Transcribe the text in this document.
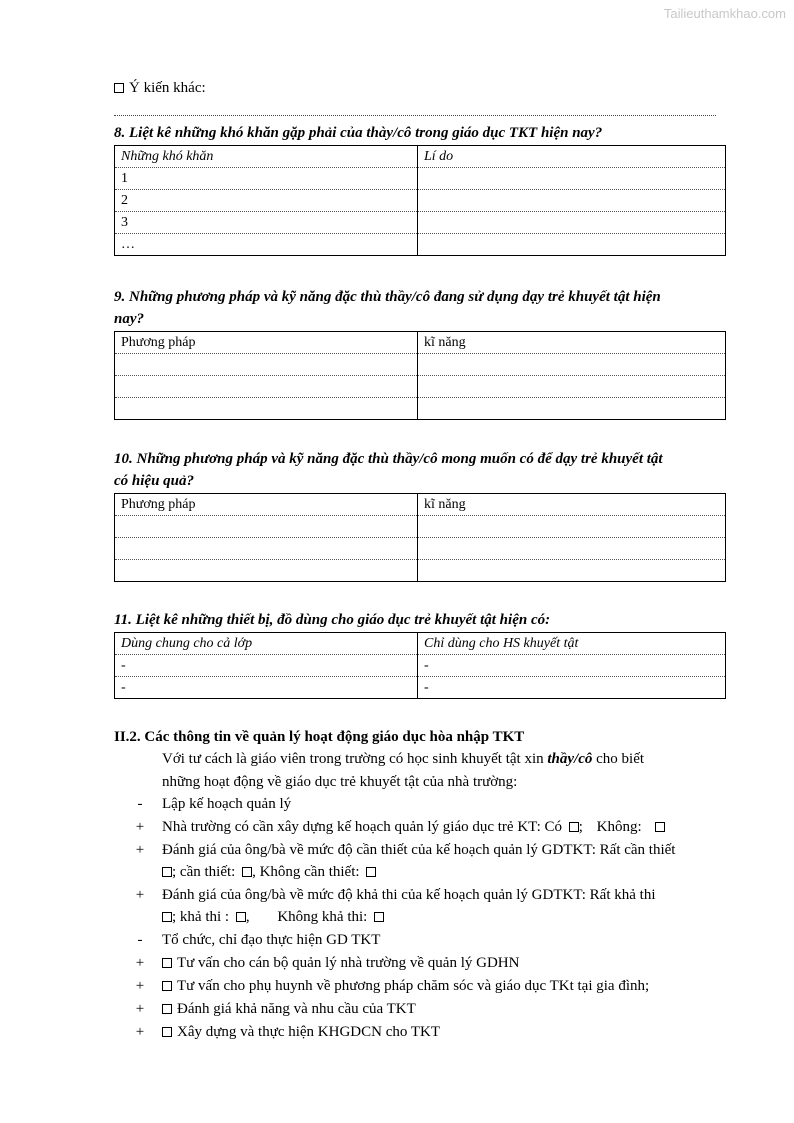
Tailieuthamkhao.com
Ý kiến khác:
8. Liệt kê những khó khăn gặp phải của thày/cô trong giáo dục TKT hiện nay?
Những khó khăn	Lí do
1	
2	
3	
…	
9. Những phương pháp và kỹ năng đặc thù thầy/cô đang sử dụng dạy trẻ khuyết tật hiện
nay?
Phương pháp	kĩ năng

10. Những phương pháp và kỹ năng đặc thù thầy/cô mong muốn có để dạy trẻ khuyết tật
có hiệu quả?
Phương pháp	kĩ năng

11. Liệt kê những thiết bị, đồ dùng cho giáo dục trẻ khuyết tật hiện có:
Dùng chung cho cả lớp	Chỉ dùng cho HS khuyết tật
-	-
-	-
II.2. Các thông tin về quản lý hoạt động giáo dục hòa nhập TKT
Với tư cách là giáo viên trong trường có học sinh khuyết tật xin thầy/cô cho biết
những hoạt động về giáo dục trẻ khuyết tật của nhà trường:
-	Lập kế hoạch quản lý
+	Nhà trường có cần xây dựng kế hoạch quản lý giáo dục trẻ KT: Có ; Không:
+	Đánh giá của ông/bà về mức độ cần thiết của kế hoạch quản lý GDTKT: Rất cần thiết
; cần thiết: , Không cần thiết:
+	Đánh giá của ông/bà về mức độ khả thi của kế hoạch quản lý GDTKT: Rất khả thi
; khả thi : , Không khả thi:
-	Tổ chức, chỉ đạo thực hiện GD TKT
+	Tư vấn cho cán bộ quản lý nhà trường về quản lý GDHN
+	Tư vấn cho phụ huynh về phương pháp chăm sóc và giáo dục TKt tại gia đình;
+	Đánh giá khả năng và nhu cầu của TKT
+	Xây dựng và thực hiện KHGDCN cho TKT
